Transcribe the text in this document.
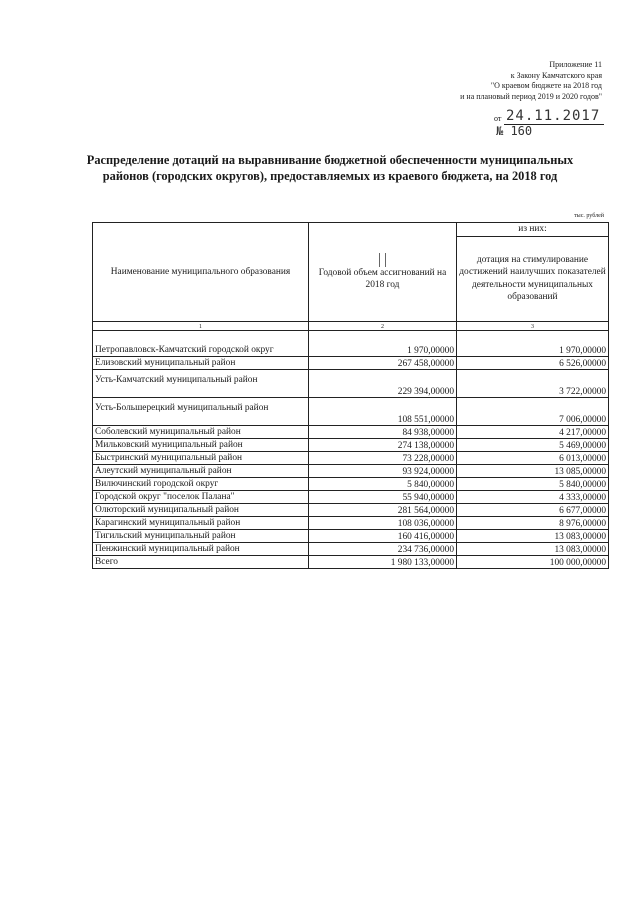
Приложение 11
к Закону Камчатского края
"О краевом бюджете на 2018 год
и на плановый период 2019 и 2020 годов"
от 24.11.2017
№ 160
Распределение дотаций на выравнивание бюджетной обеспеченности муниципальных районов (городских округов), предоставляемых из краевого бюджета, на 2018 год
тыс. рублей
Наименование муниципального образования	Годовой объем ассигнований на 2018 год	из них:
		дотация на стимулирование достижений наилучших показателей деятельности муниципальных образований
1	2	3
Петропавловск-Камчатский городской округ	1 970,00000	1 970,00000
Елизовский муниципальный район	267 458,00000	6 526,00000
Усть-Камчатский муниципальный район	229 394,00000	3 722,00000
Усть-Большерецкий муниципальный район	108 551,00000	7 006,00000
Соболевский муниципальный район	84 938,00000	4 217,00000
Мильковский муниципальный район	274 138,00000	5 469,00000
Быстринский муниципальный район	73 228,00000	6 013,00000
Алеутский муниципальный район	93 924,00000	13 085,00000
Вилючинский городской округ	5 840,00000	5 840,00000
Городской округ "поселок Палана"	55 940,00000	4 333,00000
Олюторский муниципальный район	281 564,00000	6 677,00000
Карагинский муниципальный район	108 036,00000	8 976,00000
Тигильский муниципальный район	160 416,00000	13 083,00000
Пенжинский муниципальный район	234 736,00000	13 083,00000
Всего	1 980 133,00000	100 000,00000
